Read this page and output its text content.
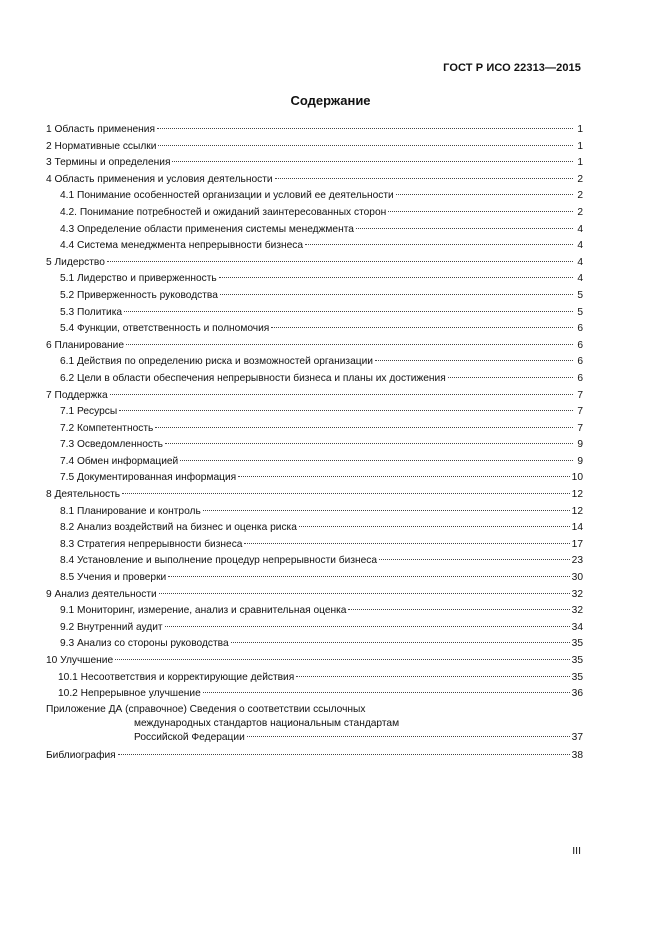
ГОСТ Р ИСО 22313—2015
Содержание
1 Область применения	1
2 Нормативные ссылки	1
3 Термины и определения	1
4 Область применения и условия деятельности	2
4.1 Понимание особенностей организации и условий ее деятельности	2
4.2. Понимание потребностей и ожиданий заинтересованных сторон	2
4.3 Определение области применения системы менеджмента	4
4.4 Система менеджмента непрерывности бизнеса	4
5 Лидерство	4
5.1 Лидерство и приверженность	4
5.2 Приверженность руководства	5
5.3 Политика	5
5.4 Функции, ответственность и полномочия	6
6 Планирование	6
6.1 Действия по определению риска и возможностей организации	6
6.2 Цели в области обеспечения непрерывности бизнеса и планы их достижения	6
7 Поддержка	7
7.1 Ресурсы	7
7.2 Компетентность	7
7.3 Осведомленность	9
7.4 Обмен информацией	9
7.5 Документированная информация	10
8 Деятельность	12
8.1 Планирование и контроль	12
8.2 Анализ воздействий на бизнес и оценка риска	14
8.3 Стратегия непрерывности бизнеса	17
8.4 Установление и выполнение процедур непрерывности бизнеса	23
8.5 Учения и проверки	30
9 Анализ деятельности	32
9.1 Мониторинг, измерение, анализ и сравнительная оценка	32
9.2 Внутренний аудит	34
9.3 Анализ со стороны руководства	35
10 Улучшение	35
10.1 Несоответствия и корректирующие действия	35
10.2 Непрерывное улучшение	36
Приложение ДА (справочное) Сведения о соответствии ссылочных
международных стандартов национальным стандартам
Российской Федерации	37
Библиография	38
III
